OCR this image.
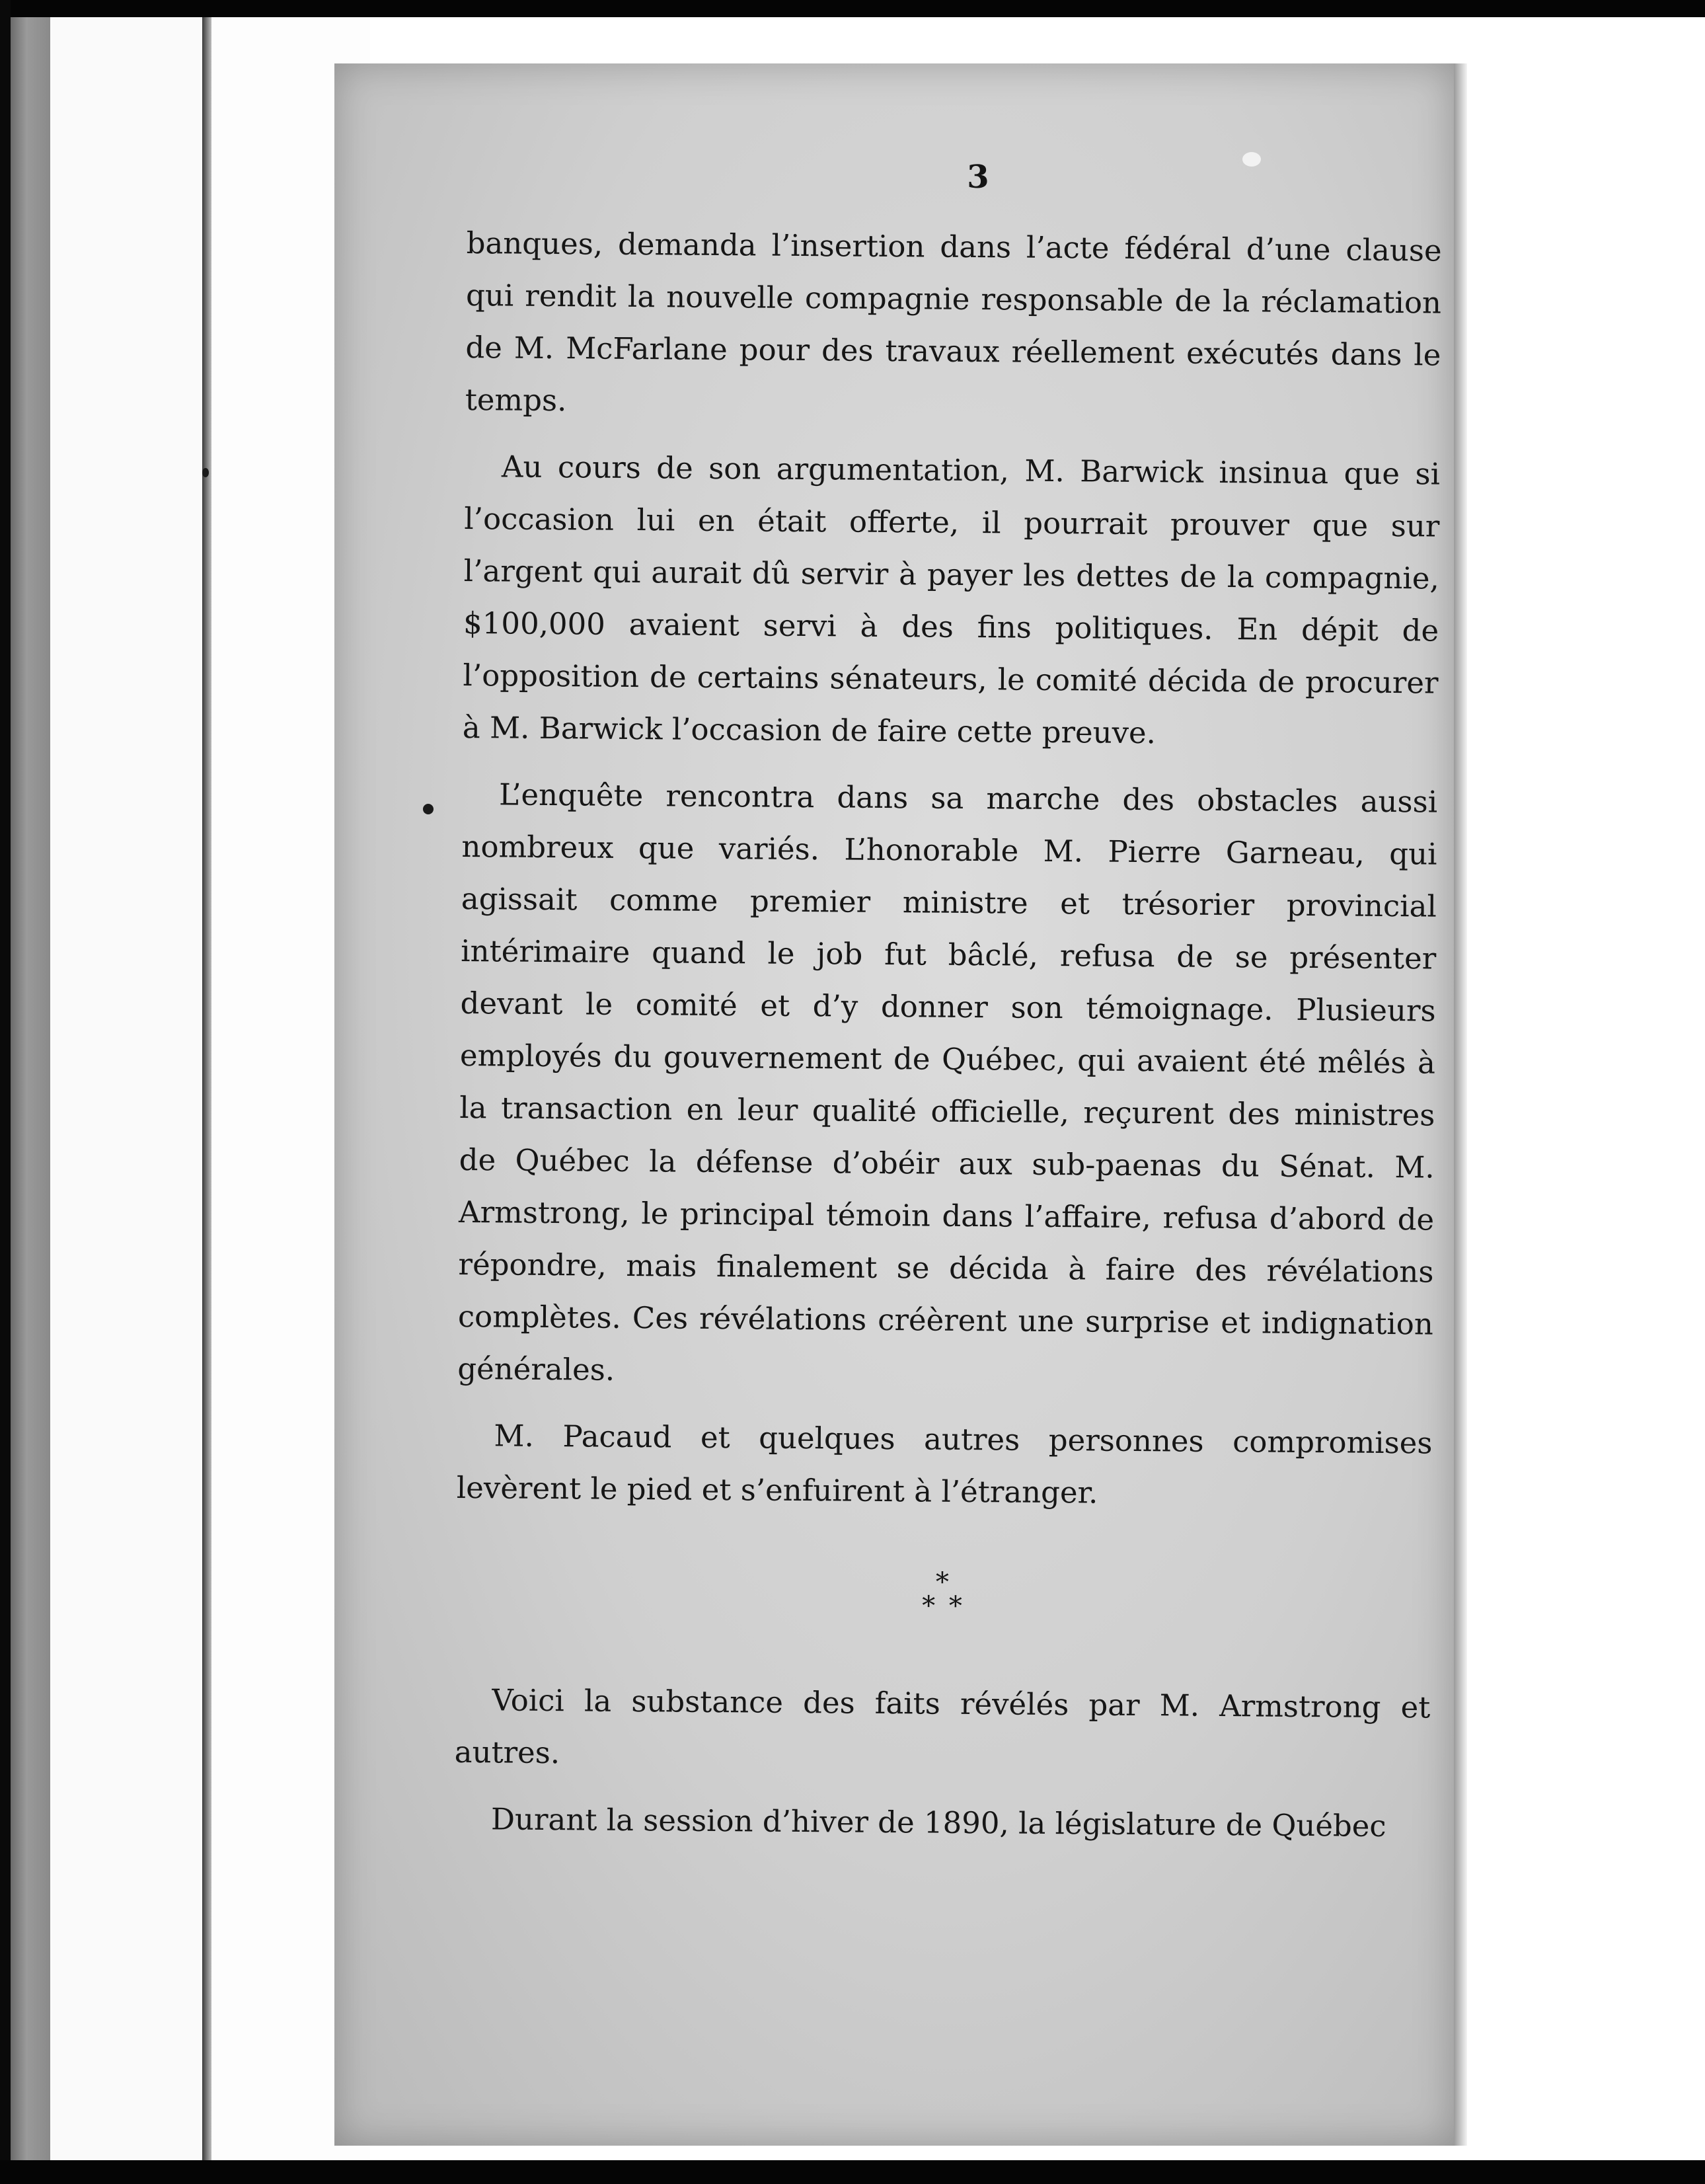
3

banques, demanda l’insertion dans l’acte fédéral d’une clause qui rendit la nouvelle compagnie responsable de la réclamation de M. McFarlane pour des travaux réellement exécutés dans le temps.

Au cours de son argumentation, M. Barwick insinua que si l’occasion lui en était offerte, il pourrait prouver que sur l’argent qui aurait dû servir à payer les dettes de la compagnie, $100,000 avaient servi à des fins politiques. En dépit de l’opposition de certains sénateurs, le comité décida de procurer à M. Barwick l’occasion de faire cette preuve.

L’enquête rencontra dans sa marche des obstacles aussi nombreux que variés. L’honorable M. Pierre Garneau, qui agissait comme premier ministre et trésorier provincial intérimaire quand le job fut bâclé, refusa de se présenter devant le comité et d’y donner son témoignage. Plusieurs employés du gouvernement de Québec, qui avaient été mêlés à la transaction en leur qualité officielle, reçurent des ministres de Québec la défense d’obéir aux sub-paenas du Sénat. M. Armstrong, le principal témoin dans l’affaire, refusa d’abord de répondre, mais finalement se décida à faire des révélations complètes. Ces révélations créèrent une surprise et indignation générales.

M. Pacaud et quelques autres personnes compromises levèrent le pied et s’enfuirent à l’étranger.

*
* *

Voici la substance des faits révélés par M. Armstrong et autres.

Durant la session d’hiver de 1890, la législature de Québec
